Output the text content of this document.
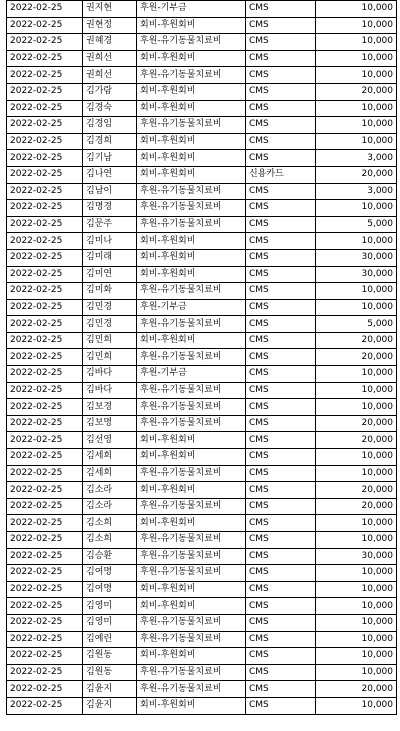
2022-02-25	권지현	후원-기부금	CMS	10,000
2022-02-25	권현정	회비-후원회비	CMS	10,000
2022-02-25	권혜경	후원-유기동물치료비	CMS	10,000
2022-02-25	권희선	회비-후원회비	CMS	10,000
2022-02-25	권희선	후원-유기동물치료비	CMS	10,000
2022-02-25	김가람	회비-후원회비	CMS	20,000
2022-02-25	김경숙	회비-후원회비	CMS	10,000
2022-02-25	김경임	후원-유기동물치료비	CMS	10,000
2022-02-25	김경희	회비-후원회비	CMS	10,000
2022-02-25	김기남	회비-후원회비	CMS	3,000
2022-02-25	김나연	회비-후원회비	신용카드	20,000
2022-02-25	김남이	후원-유기동물치료비	CMS	3,000
2022-02-25	김명경	후원-유기동물치료비	CMS	10,000
2022-02-25	김문주	후원-유기동물치료비	CMS	5,000
2022-02-25	김미나	회비-후원회비	CMS	10,000
2022-02-25	김미래	회비-후원회비	CMS	30,000
2022-02-25	김미연	회비-후원회비	CMS	30,000
2022-02-25	김미화	후원-유기동물치료비	CMS	10,000
2022-02-25	김민경	후원-기부금	CMS	10,000
2022-02-25	김민경	후원-유기동물치료비	CMS	5,000
2022-02-25	김민희	회비-후원회비	CMS	20,000
2022-02-25	김민희	후원-유기동물치료비	CMS	20,000
2022-02-25	김바다	후원-기부금	CMS	10,000
2022-02-25	김바다	후원-유기동물치료비	CMS	10,000
2022-02-25	김보경	후원-유기동물치료비	CMS	10,000
2022-02-25	김보명	후원-유기동물치료비	CMS	20,000
2022-02-25	김선영	회비-후원회비	CMS	20,000
2022-02-25	김세희	회비-후원회비	CMS	10,000
2022-02-25	김세희	후원-유기동물치료비	CMS	10,000
2022-02-25	김소라	회비-후원회비	CMS	20,000
2022-02-25	김소라	후원-유기동물치료비	CMS	20,000
2022-02-25	김소희	회비-후원회비	CMS	10,000
2022-02-25	김소희	후원-유기동물치료비	CMS	10,000
2022-02-25	김승환	후원-유기동물치료비	CMS	30,000
2022-02-25	김여명	후원-유기동물치료비	CMS	10,000
2022-02-25	김여명	회비-후원회비	CMS	10,000
2022-02-25	김영미	회비-후원회비	CMS	10,000
2022-02-25	김영미	후원-유기동물치료비	CMS	10,000
2022-02-25	김예린	후원-유기동물치료비	CMS	10,000
2022-02-25	김원동	회비-후원회비	CMS	10,000
2022-02-25	김원동	후원-유기동물치료비	CMS	10,000
2022-02-25	김윤지	후원-유기동물치료비	CMS	20,000
2022-02-25	김윤지	회비-후원회비	CMS	10,000
